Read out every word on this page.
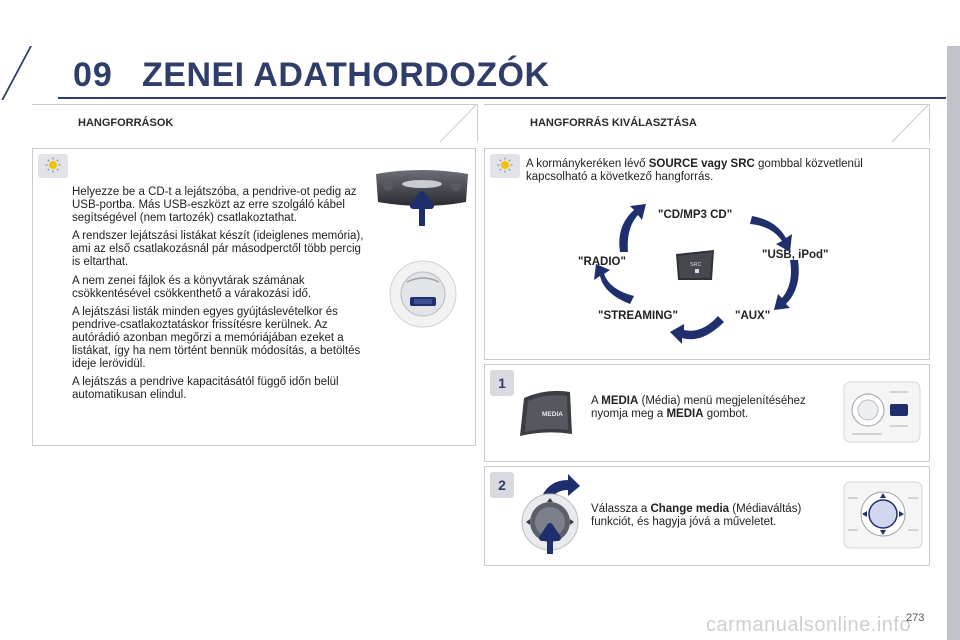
09 ZENEI ADATHORDOZÓK
HANGFORRÁSOK	HANGFORRÁS KIVÁLASZTÁSA

Helyezze be a CD-t a lejátszóba, a pendrive-ot pedig az USB-portba. Más USB-eszközt az erre szolgáló kábel segítségével (nem tartozék) csatlakoztathat.

A rendszer lejátszási listákat készít (ideiglenes memória), ami az első csatlakozásnál pár másodperctől több percig is eltarthat.

A nem zenei fájlok és a könyvtárak számának csökkentésével csökkenthető a várakozási idő.

A lejátszási listák minden egyes gyújtáslevételkor és pendrive-csatlakoztatáskor frissítésre kerülnek. Az autórádió azonban megőrzi a memóriájában ezeket a listákat, így ha nem történt bennük módosítás, a betöltés ideje lerövidül.

A lejátszás a pendrive kapacitásától függő időn belül automatikusan elindul.

A kormánykeréken lévő SOURCE vagy SRC gombbal közvetlenül kapcsolható a következő hangforrás.
"CD/MP3 CD"
"USB, iPod"
"AUX"
"STREAMING"
"RADIO"	SRC
1
MEDIA
A MEDIA (Média) menü megjelenítéséhez nyomja meg a MEDIA gombot.
2
Válassza a Change media (Médiaváltás) funkciót, és hagyja jóvá a műveletet.
carmanualsonline.info
273
